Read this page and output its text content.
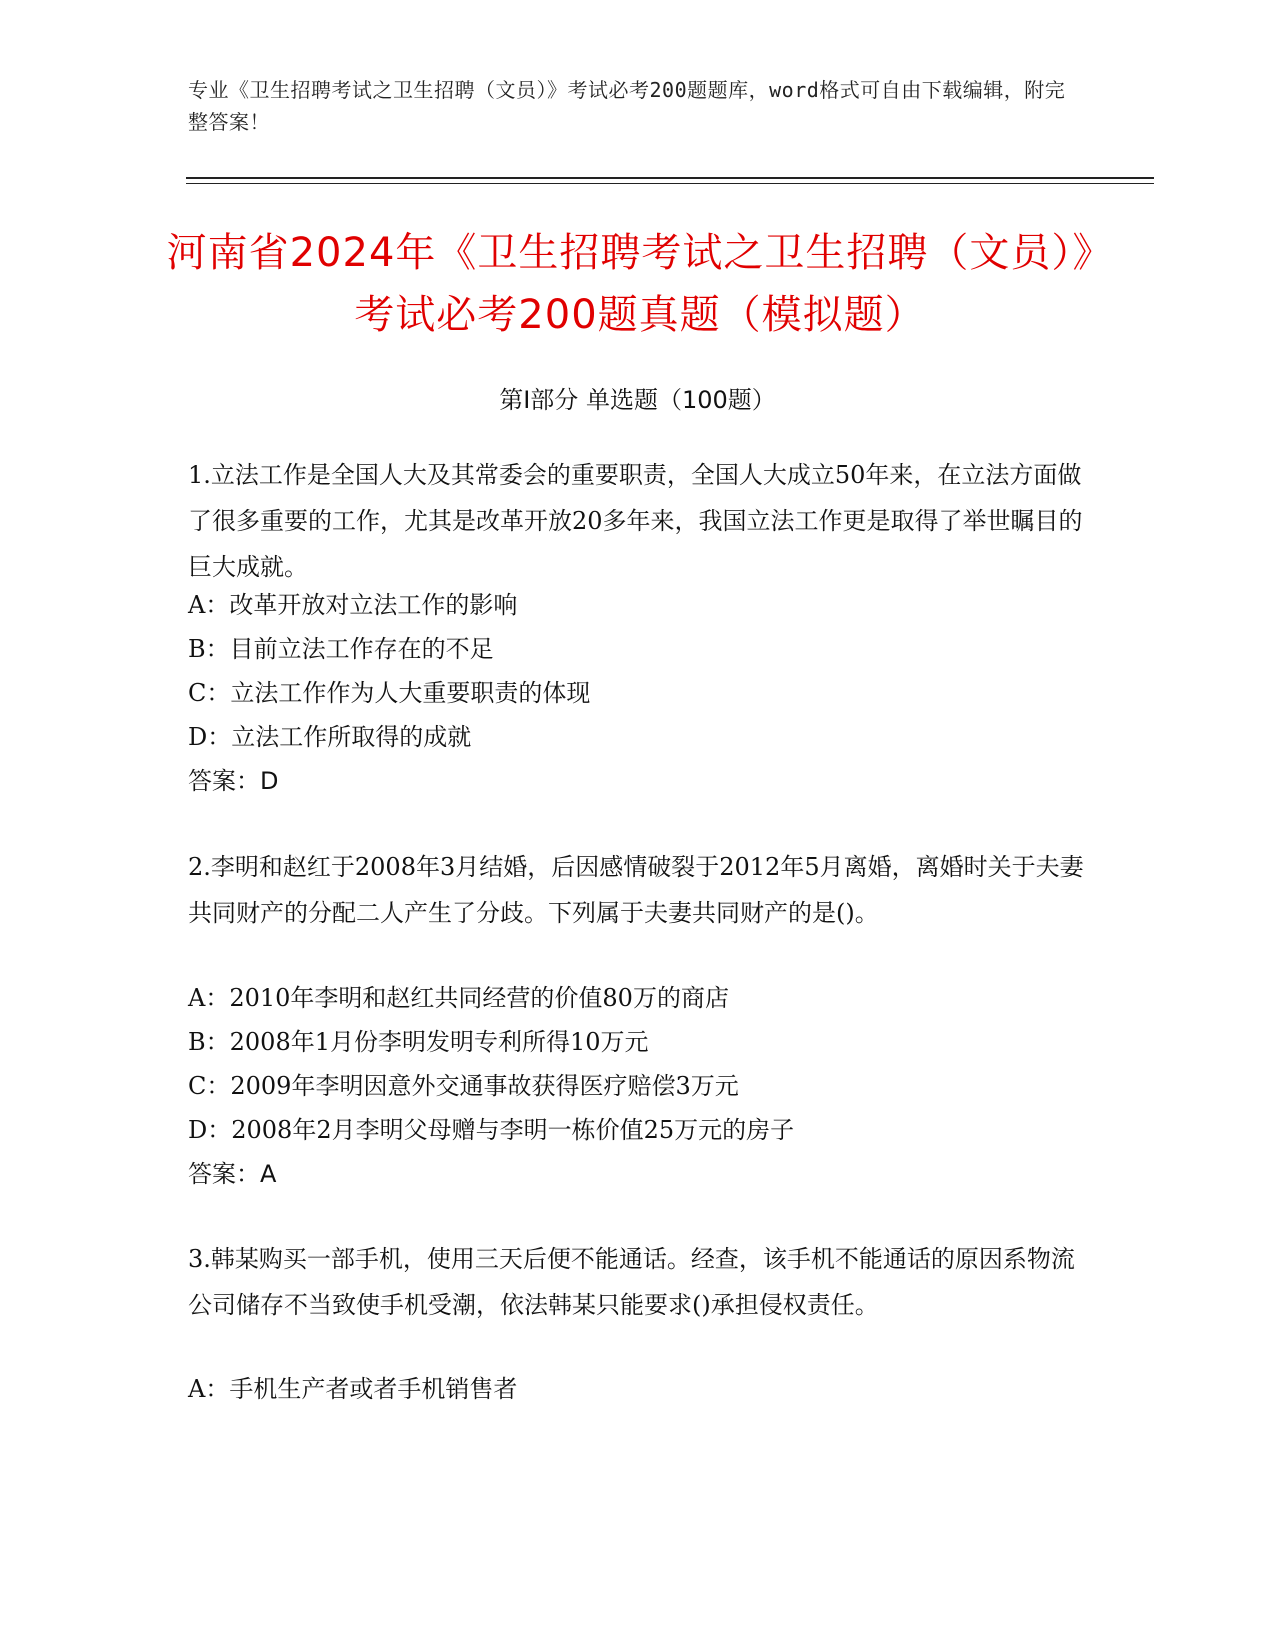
专业《卫生招聘考试之卫生招聘（文员）》考试必考200题题库，word格式可自由下载编辑，附完整答案！
河南省2024年《卫生招聘考试之卫生招聘（文员）》考试必考200题真题（模拟题）
第I部分 单选题（100题）
1.立法工作是全国人大及其常委会的重要职责，全国人大成立50年来，在立法方面做了很多重要的工作，尤其是改革开放20多年来，我国立法工作更是取得了举世瞩目的巨大成就。
A：改革开放对立法工作的影响
B：目前立法工作存在的不足
C：立法工作作为人大重要职责的体现
D：立法工作所取得的成就
答案：D
2.李明和赵红于2008年3月结婚，后因感情破裂于2012年5月离婚，离婚时关于夫妻共同财产的分配二人产生了分歧。下列属于夫妻共同财产的是()。
A：2010年李明和赵红共同经营的价值80万的商店
B：2008年1月份李明发明专利所得10万元
C：2009年李明因意外交通事故获得医疗赔偿3万元
D：2008年2月李明父母赠与李明一栋价值25万元的房子
答案：A
3.韩某购买一部手机，使用三天后便不能通话。经查，该手机不能通话的原因系物流公司储存不当致使手机受潮，依法韩某只能要求()承担侵权责任。
A：手机生产者或者手机销售者
